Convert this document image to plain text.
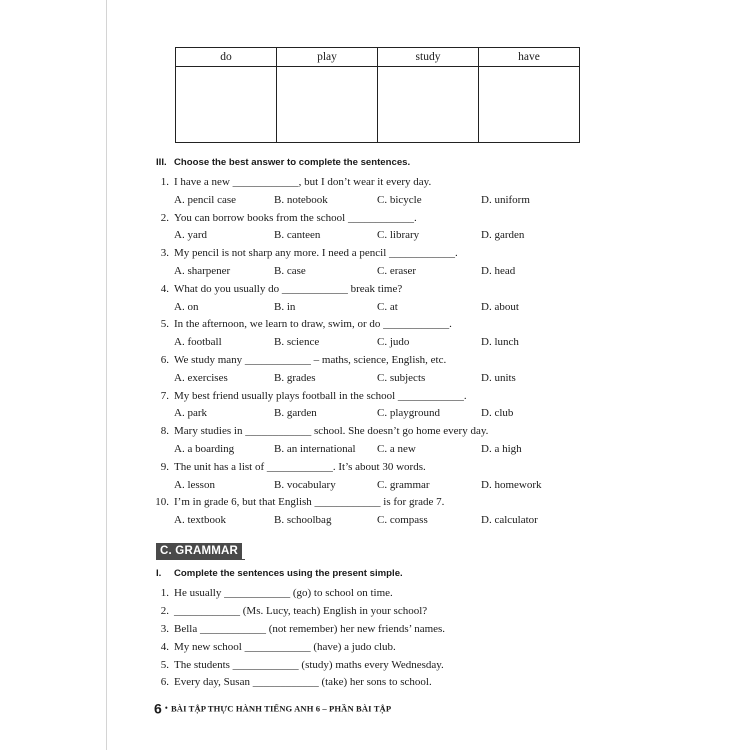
do	play	study	have

III. Choose the best answer to complete the sentences.
1. I have a new ____________, but I don’t wear it every day.
A. pencil case	B. notebook	C. bicycle	D. uniform
2. You can borrow books from the school ____________.
A. yard	B. canteen	C. library	D. garden
3. My pencil is not sharp any more. I need a pencil ____________.
A. sharpener	B. case	C. eraser	D. head
4. What do you usually do ____________ break time?
A. on	B. in	C. at	D. about
5. In the afternoon, we learn to draw, swim, or do ____________.
A. football	B. science	C. judo	D. lunch
6. We study many ____________ – maths, science, English, etc.
A. exercises	B. grades	C. subjects	D. units
7. My best friend usually plays football in the school ____________.
A. park	B. garden	C. playground	D. club
8. Mary studies in ____________ school. She doesn’t go home every day.
A. a boarding	B. an international C. a new	D. a high
9. The unit has a list of ____________. It’s about 30 words.
A. lesson	B. vocabulary	C. grammar	D. homework
10. I’m in grade 6, but that English ____________ is for grade 7.
A. textbook	B. schoolbag	C. compass	D. calculator
C. GRAMMAR
I. Complete the sentences using the present simple.
1. He usually ____________ (go) to school on time.
2. ____________ (Ms. Lucy, teach) English in your school?
3. Bella ____________ (not remember) her new friends’ names.
4. My new school ____________ (have) a judo club.
5. The students ____________ (study) maths every Wednesday.
6. Every day, Susan ____________ (take) her sons to school.
6 • BÀI TẬP THỰC HÀNH TIẾNG ANH 6 – PHẦN BÀI TẬP
